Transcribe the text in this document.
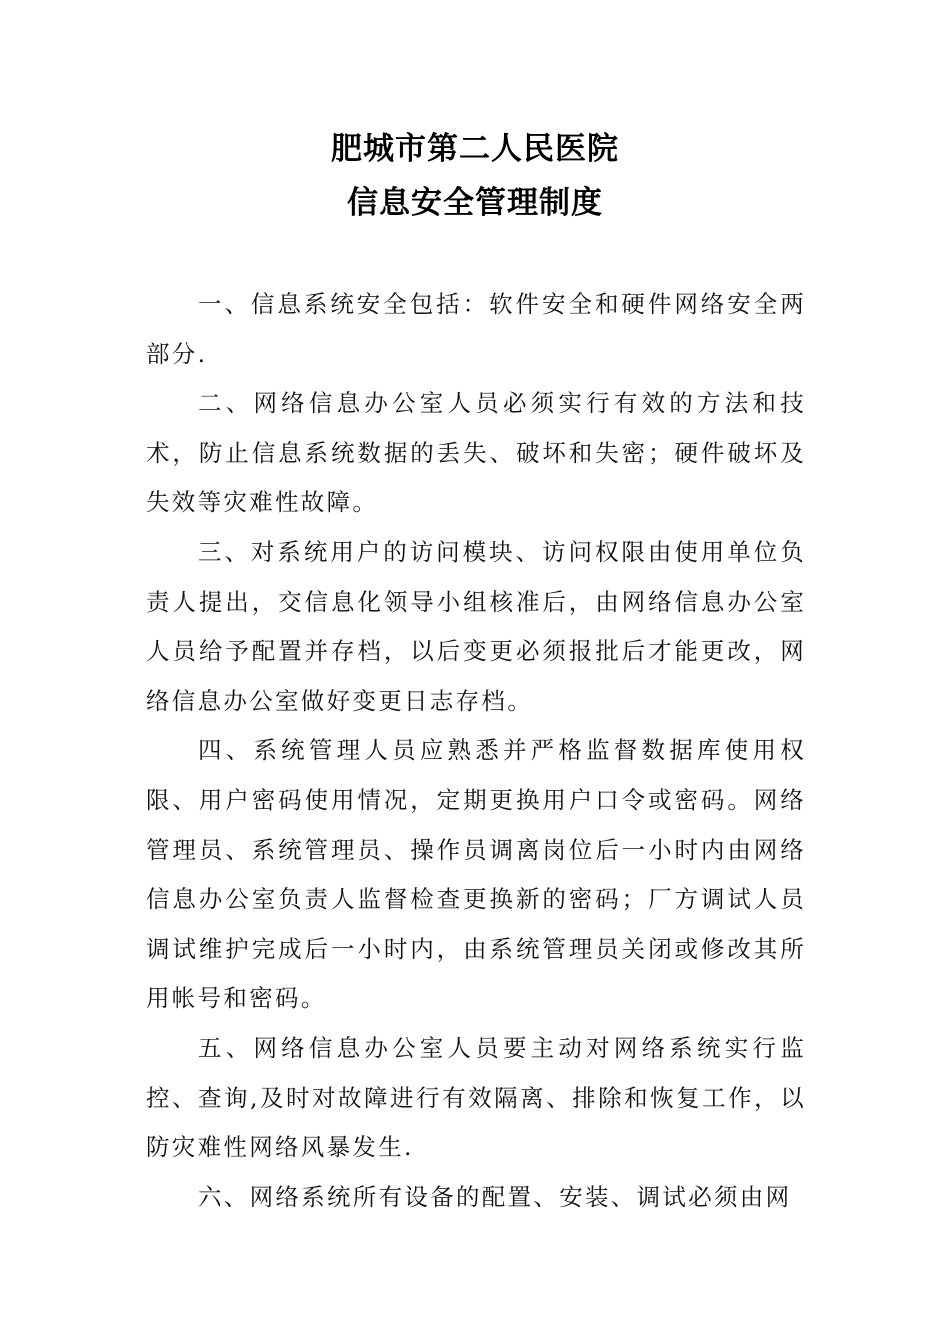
肥城市第二人民医院
信息安全管理制度

一、信息系统安全包括：软件安全和硬件网络安全两部分.

二、网络信息办公室人员必须实行有效的方法和技术，防止信息系统数据的丢失、破坏和失密；硬件破坏及失效等灾难性故障。

三、对系统用户的访问模块、访问权限由使用单位负责人提出，交信息化领导小组核准后，由网络信息办公室人员给予配置并存档，以后变更必须报批后才能更改，网络信息办公室做好变更日志存档。

四、系统管理人员应熟悉并严格监督数据库使用权限、用户密码使用情况，定期更换用户口令或密码。网络管理员、系统管理员、操作员调离岗位后一小时内由网络信息办公室负责人监督检查更换新的密码；厂方调试人员调试维护完成后一小时内，由系统管理员关闭或修改其所用帐号和密码。

五、网络信息办公室人员要主动对网络系统实行监控、查询,及时对故障进行有效隔离、排除和恢复工作，以防灾难性网络风暴发生.

六、网络系统所有设备的配置、安装、调试必须由网
